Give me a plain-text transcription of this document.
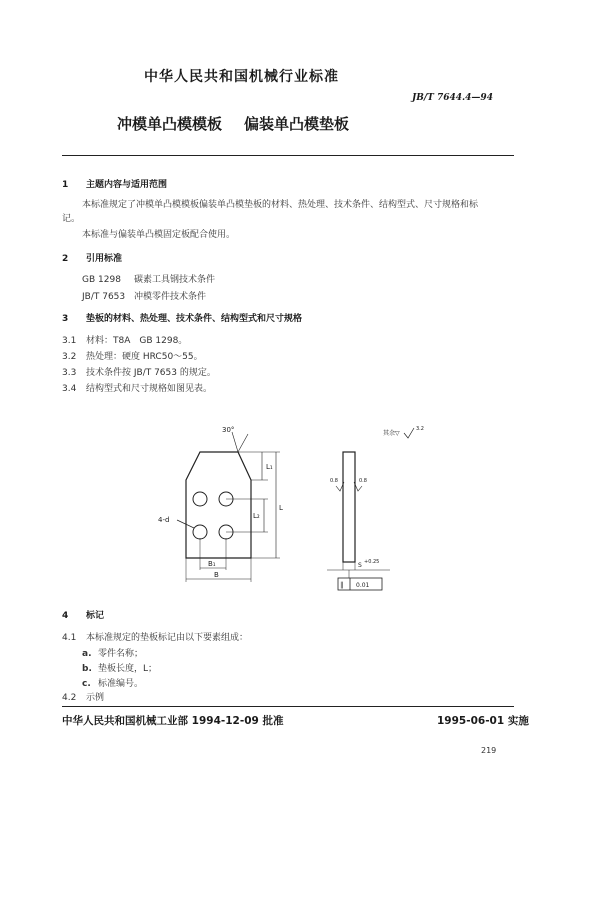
中华人民共和国机械行业标准
JB/T 7644.4—94
冲模单凸模模板 偏装单凸模垫板
1 主题内容与适用范围
本标准规定了冲模单凸模模板偏装单凸模垫板的材料、热处理、技术条件、结构型式、尺寸规格和标
记。
本标准与偏装单凸模固定板配合使用。
2 引用标准
GB 1298 碳素工具钢技术条件
JB/T 7653 冲模零件技术条件
3 垫板的材料、热处理、技术条件、结构型式和尺寸规格
3.1 材料：T8A　GB 1298。
3.2 热处理：硬度 HRC50～55。
3.3 技术条件按 JB/T 7653 的规定。
3.4 结构型式和尺寸规格如图见表。
30°
4-d
L₁
L₂
L
B₁
B
其余▽
3.2
0.8	0.8
S +0.25
∥ 0.01
4 标记
4.1 本标准规定的垫板标记由以下要素组成：
a. 零件名称；
b. 垫板长度，L；
c. 标准编号。
4.2 示例
中华人民共和国机械工业部 1994-12-09 批准	1995-06-01 实施
219
